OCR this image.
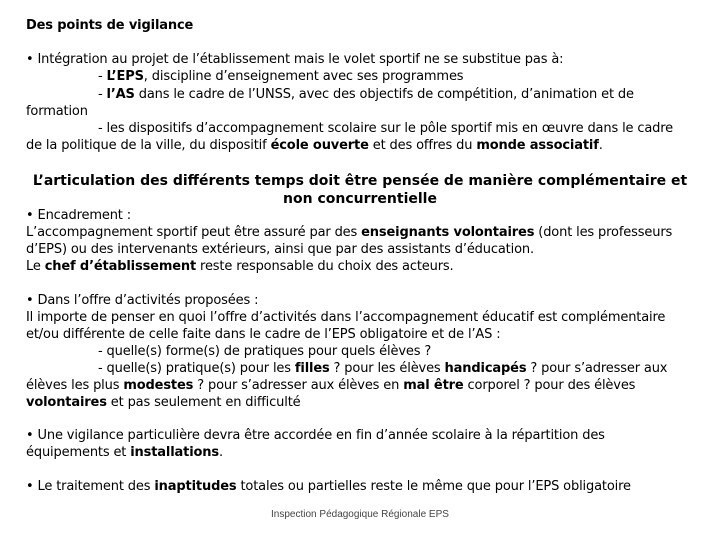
Des points de vigilance
• Intégration au projet de l’établissement mais le volet sportif ne se substitue pas à:
- L’EPS, discipline d’enseignement avec ses programmes
- l’AS dans le cadre de l’UNSS, avec des objectifs de compétition, d’animation et de
formation
- les dispositifs d’accompagnement scolaire sur le pôle sportif mis en œuvre dans le cadre
de la politique de la ville, du dispositif école ouverte et des offres du monde associatif.
L’articulation des différents temps doit être pensée de manière complémentaire et
non concurrentielle
• Encadrement :
L’accompagnement sportif peut être assuré par des enseignants volontaires (dont les professeurs
d’EPS) ou des intervenants extérieurs, ainsi que par des assistants d’éducation.
Le chef d’établissement reste responsable du choix des acteurs.
• Dans l’offre d’activités proposées :
Il importe de penser en quoi l’offre d’activités dans l’accompagnement éducatif est complémentaire
et/ou différente de celle faite dans le cadre de l’EPS obligatoire et de l’AS :
- quelle(s) forme(s) de pratiques pour quels élèves ?
- quelle(s) pratique(s) pour les filles ? pour les élèves handicapés ? pour s’adresser aux
élèves les plus modestes ? pour s’adresser aux élèves en mal être corporel ? pour des élèves
volontaires et pas seulement en difficulté
• Une vigilance particulière devra être accordée en fin d’année scolaire à la répartition des
équipements et installations.
• Le traitement des inaptitudes totales ou partielles reste le même que pour l’EPS obligatoire
Inspection Pédagogique Régionale EPS
